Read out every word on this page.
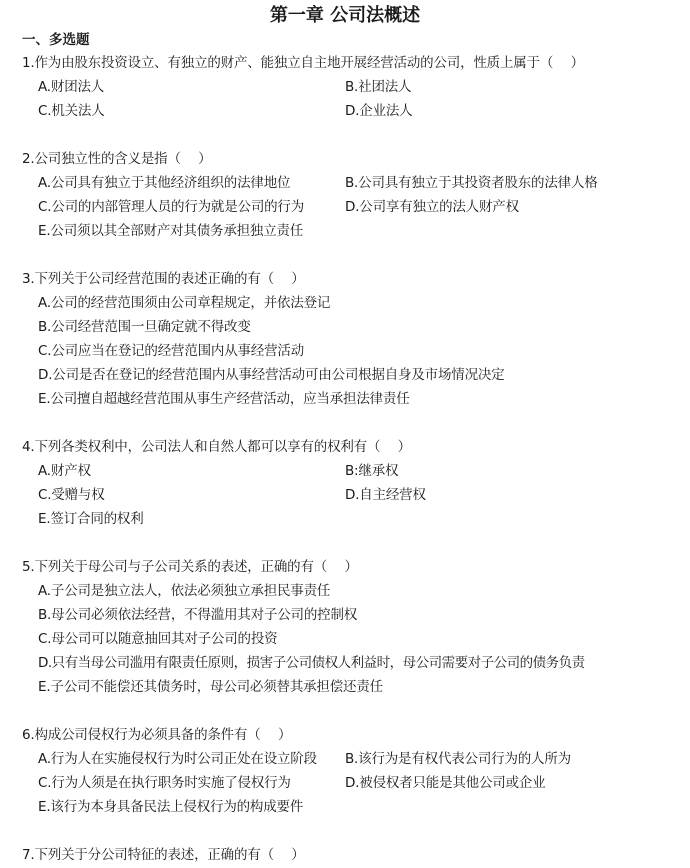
第一章 公司法概述
一、多选题
1.作为由股东投资设立、有独立的财产、能独立自主地开展经营活动的公司，性质上属于（　 ）
A.财团法人	B.社团法人
C.机关法人	D.企业法人
2.公司独立性的含义是指（　 ）
A.公司具有独立于其他经济组织的法律地位	B.公司具有独立于其投资者股东的法律人格
C.公司的内部管理人员的行为就是公司的行为	D.公司享有独立的法人财产权
E.公司须以其全部财产对其债务承担独立责任
3.下列关于公司经营范围的表述正确的有（　 ）
A.公司的经营范围须由公司章程规定，并依法登记
B.公司经营范围一旦确定就不得改变
C.公司应当在登记的经营范围内从事经营活动
D.公司是否在登记的经营范围内从事经营活动可由公司根据自身及市场情况决定
E.公司擅自超越经营范围从事生产经营活动，应当承担法律责任
4.下列各类权利中，公司法人和自然人都可以享有的权利有（　 ）
A.财产权	B:继承权
C.受赠与权	D.自主经营权
E.签订合同的权利
5.下列关于母公司与子公司关系的表述，正确的有（　 ）
A.子公司是独立法人，依法必须独立承担民事责任
B.母公司必须依法经营，不得滥用其对子公司的控制权
C.母公司可以随意抽回其对子公司的投资
D.只有当母公司滥用有限责任原则，损害子公司债权人利益时，母公司需要对子公司的债务负责
E.子公司不能偿还其债务时，母公司必须替其承担偿还责任
6.构成公司侵权行为必须具备的条件有（　 ）
A.行为人在实施侵权行为时公司正处在设立阶段 B.该行为是有权代表公司行为的人所为
C.行为人须是在执行职务时实施了侵权行为	D.被侵权者只能是其他公司或企业
E.该行为本身具备民法上侵权行为的构成要件
7.下列关于分公司特征的表述，正确的有（　 ）
